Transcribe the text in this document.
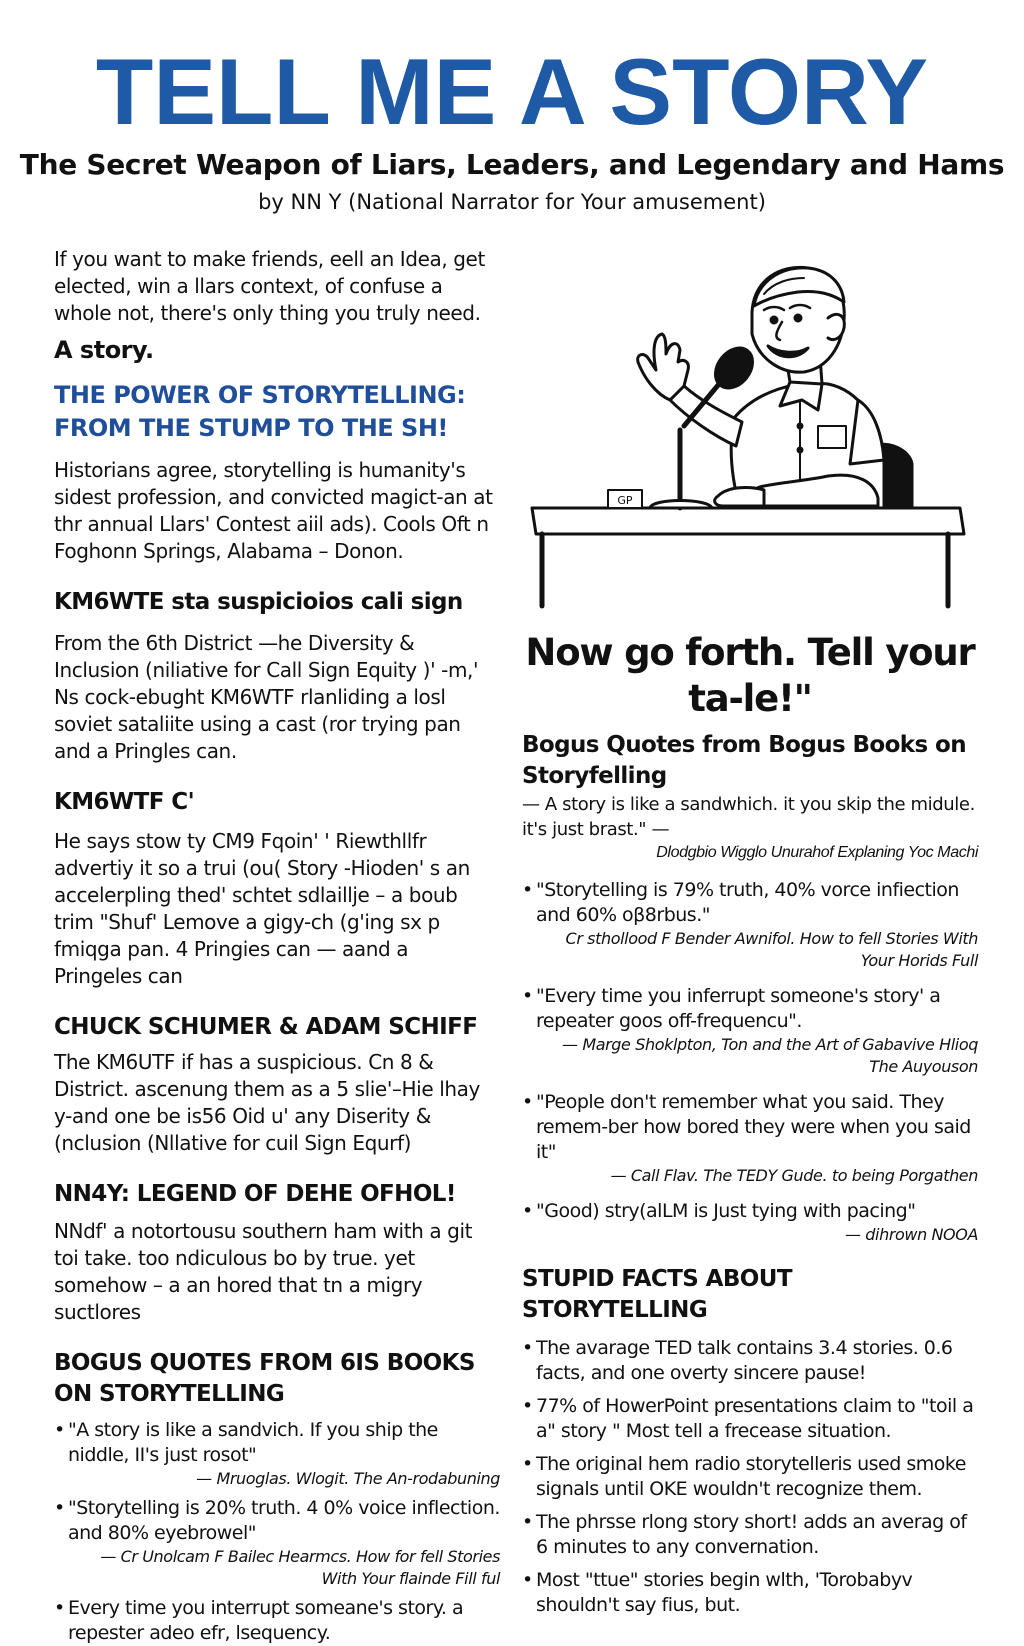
TELL ME A STORY

The Secret Weapon of Liars, Leaders, and Legendary and Hams

by NN Y (National Narrator for Your amusement)

If you want to make friends, eell an Idea, get elected, win a llars context, of confuse a whole not, there's only thing you truly need.

A story.

THE POWER OF STORYTELLING: FROM THE STUMP TO THE SH!

Historians agree, storytelling is humanity's sidest profession, and convicted magict-an at thr annual Llars' Contest aiil ads). Cools Oft n Foghonn Springs, Alabama – Donon.

KM6WTE sta suspicioios cali sign

From the 6th District —he Diversity & Inclusion (niliative for Call Sign Equity )' -m,' Ns cock-ebught KM6WTF rlanliding a losl soviet sataliite using a cast (ror trying pan and a Pringles can.

KM6WTF C'

He says stow ty CM9 Fqoin' ' Riewthllfr advertiy it so a trui (ou( Story -Hioden' s an accelerpling thed' schtet sdlaillje – a boub trim "Shuf' Lemove a gigy-ch (g'ing sx p fmiqga pan. 4 Pringies can — aand a Pringeles can

CHUCK SCHUMER & ADAM SCHIFF

The KM6UTF if has a suspicious. Cn 8 & District. ascenung them as a 5 slie'–Hie lhay y-and one be is56 Oid u' any Diserity & (nclusion (Nllative for cuil Sign Equrf)

NN4Y: LEGEND OF DEHE OFHOL!

NNdf' a notortousu southern ham with a git toi take. too ndiculous bo by true. yet somehow – a an hored that tn a migry suctlores

BOGUS QUOTES FROM 6IS BOOKS ON STORYTELLING
• "A story is like a sandvich. If you ship the niddle, II's just rosot"
— Mruoglas. Wlogit. The An-rodabuning
• "Storytelling is 20% truth. 4 0% voice inflection. and 80% eyebrowel"
— Cr Unolcam F Bailec Hearmcs. How for fell Stories With Your flainde Fill ful
• Every time you interrupt someane's story. a repester adeo efr, lsequency.
GP

Now go forth. Tell your ta-le!"

Bogus Quotes from Bogus Books on Storyfelling

— A story is like a sandwhich. it you skip the midule. it's just brast." —

Dlodgbio Wigglo Unurahof Explaning Yoc Machi
• "Storytelling is 79% truth, 40% vorce infiection and 60% oβ8rbus."
Cr sthollood F Bender Awnifol. How to fell Stories With Your Horids Full
• "Every time you inferrupt someone's story' a repeater goos off-frequencu".
— Marge Shoklpton, Ton and the Art of Gabavive Hlioq The Auyouson
• "People don't remember what you said. They remem-ber how bored they were when you said it"
— Call Flav. The TEDY Gude. to being Porgathen
• "Good) stry(alLM is Just tying with pacing"
— dihrown NOOA
STUPID FACTS ABOUT STORYTELLING
• The avarage TED talk contains 3.4 stories. 0.6 facts, and one overty sincere pause!
• 77% of HowerPoint presentations claim to "toil a a" story " Most tell a frecease situation.
• The original hem radio storytelleris used smoke signals until OKE wouldn't recognize them.
• The phrsse rlong story short! adds an averag of 6 minutes to any convernation.
• Most "ttue" stories begin wlth, 'Torobabyv shouldn't say fius, but.
